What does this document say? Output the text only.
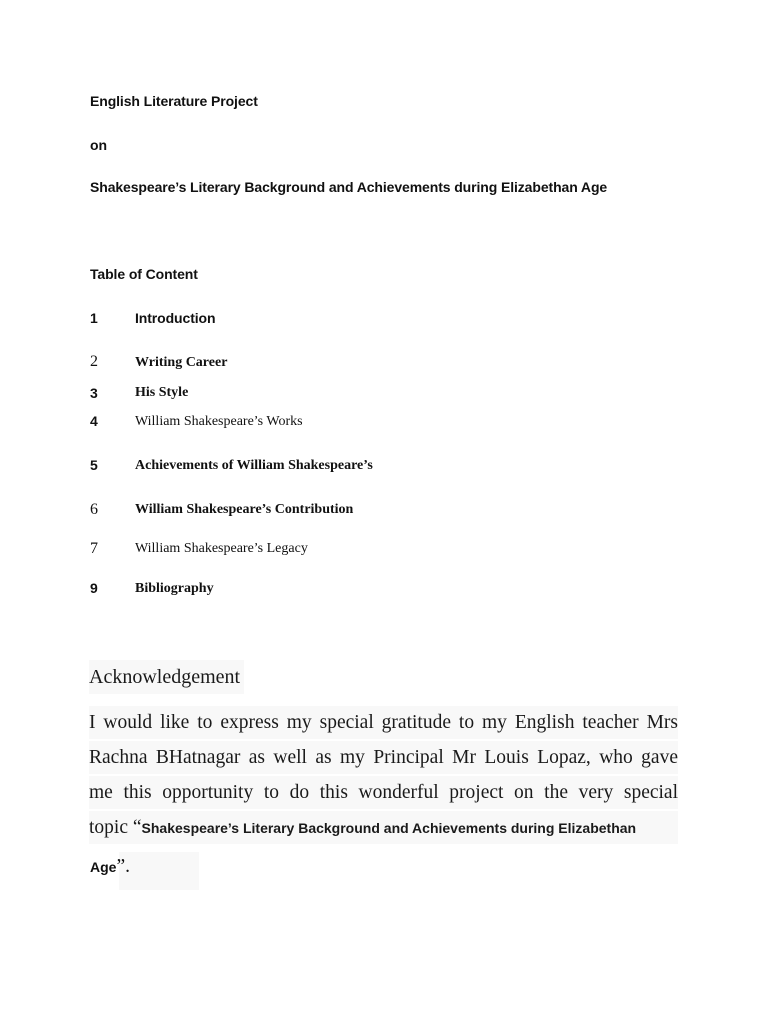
English Literature Project
on
Shakespeare’s Literary Background and Achievements during Elizabethan Age
Table of Content
1	Introduction
2	Writing Career
3	His Style
4	William Shakespeare’s Works
5	Achievements of William Shakespeare’s
6	William Shakespeare’s Contribution
7	William Shakespeare’s Legacy
9	Bibliography
Acknowledgement
I would like to express my special gratitude to my English teacher Mrs
Rachna BHatnagar as well as my Principal Mr Louis Lopaz, who gave
me this opportunity to do this wonderful project on the very special
topic “Shakespeare’s Literary Background and Achievements during Elizabethan
Age”.
